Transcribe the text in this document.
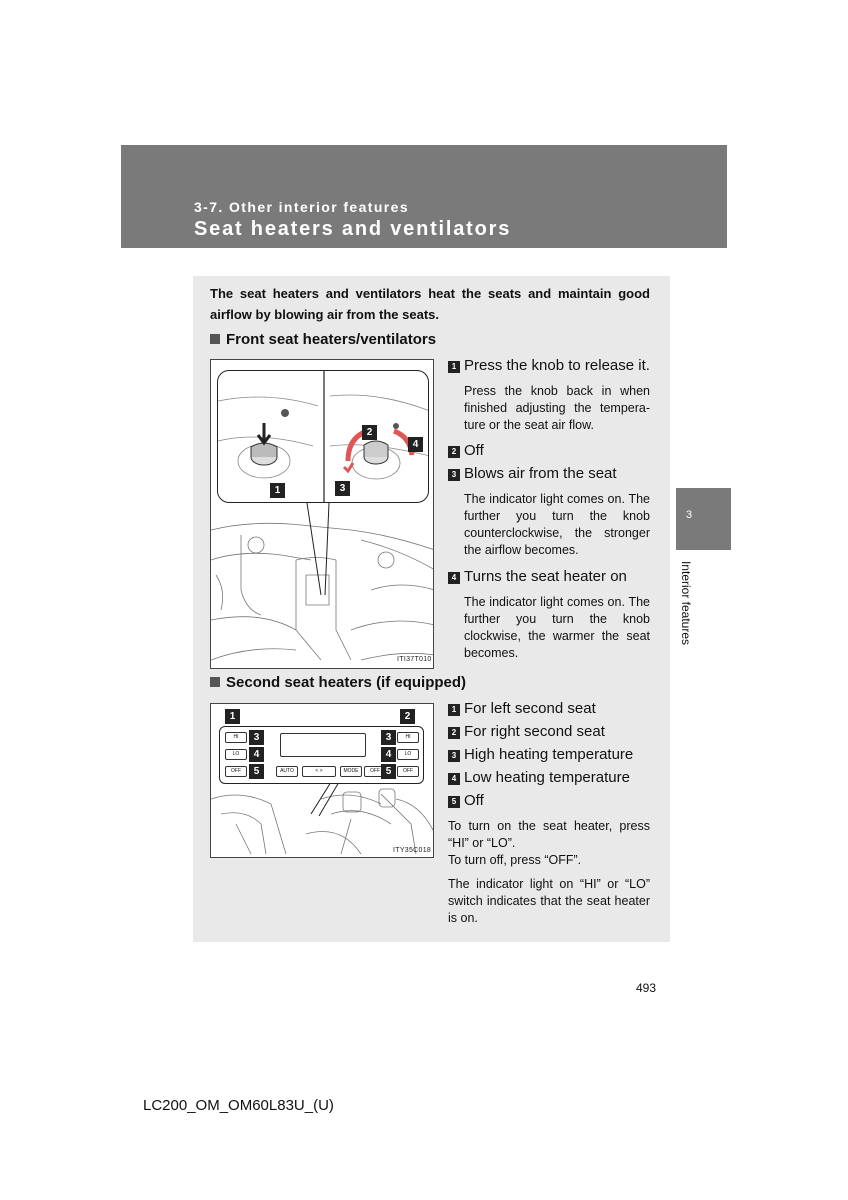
3-7. Other interior features
Seat heaters and ventilators
3
Interior features
The seat heaters and ventilators heat the seats and maintain good airflow by blowing air from the seats.
Front seat heaters/ventilators
1
2
3
4
ITI37T010
1 Press the knob to release it.
Press the knob back in when finished adjusting the tempera-ture or the seat air flow.
2 Off
3 Blows air from the seat
The indicator light comes on. The further you turn the knob counterclockwise, the stronger the airflow becomes.
4 Turns the seat heater on
The indicator light comes on. The further you turn the knob clockwise, the warmer the seat becomes.
Second seat heaters (if equipped)
1	2
HI
LO
OFF
3
4
5	AUTO	< >	MODE	OFF
3
4
5
HI
LO
OFF
ITY35C018
1 For left second seat
2 For right second seat
3 High heating temperature
4 Low heating temperature
5 Off
To turn on the seat heater, press “HI” or “LO”.
To turn off, press “OFF”.
The indicator light on “HI” or “LO” switch indicates that the seat heater is on.
493
LC200_OM_OM60L83U_(U)
